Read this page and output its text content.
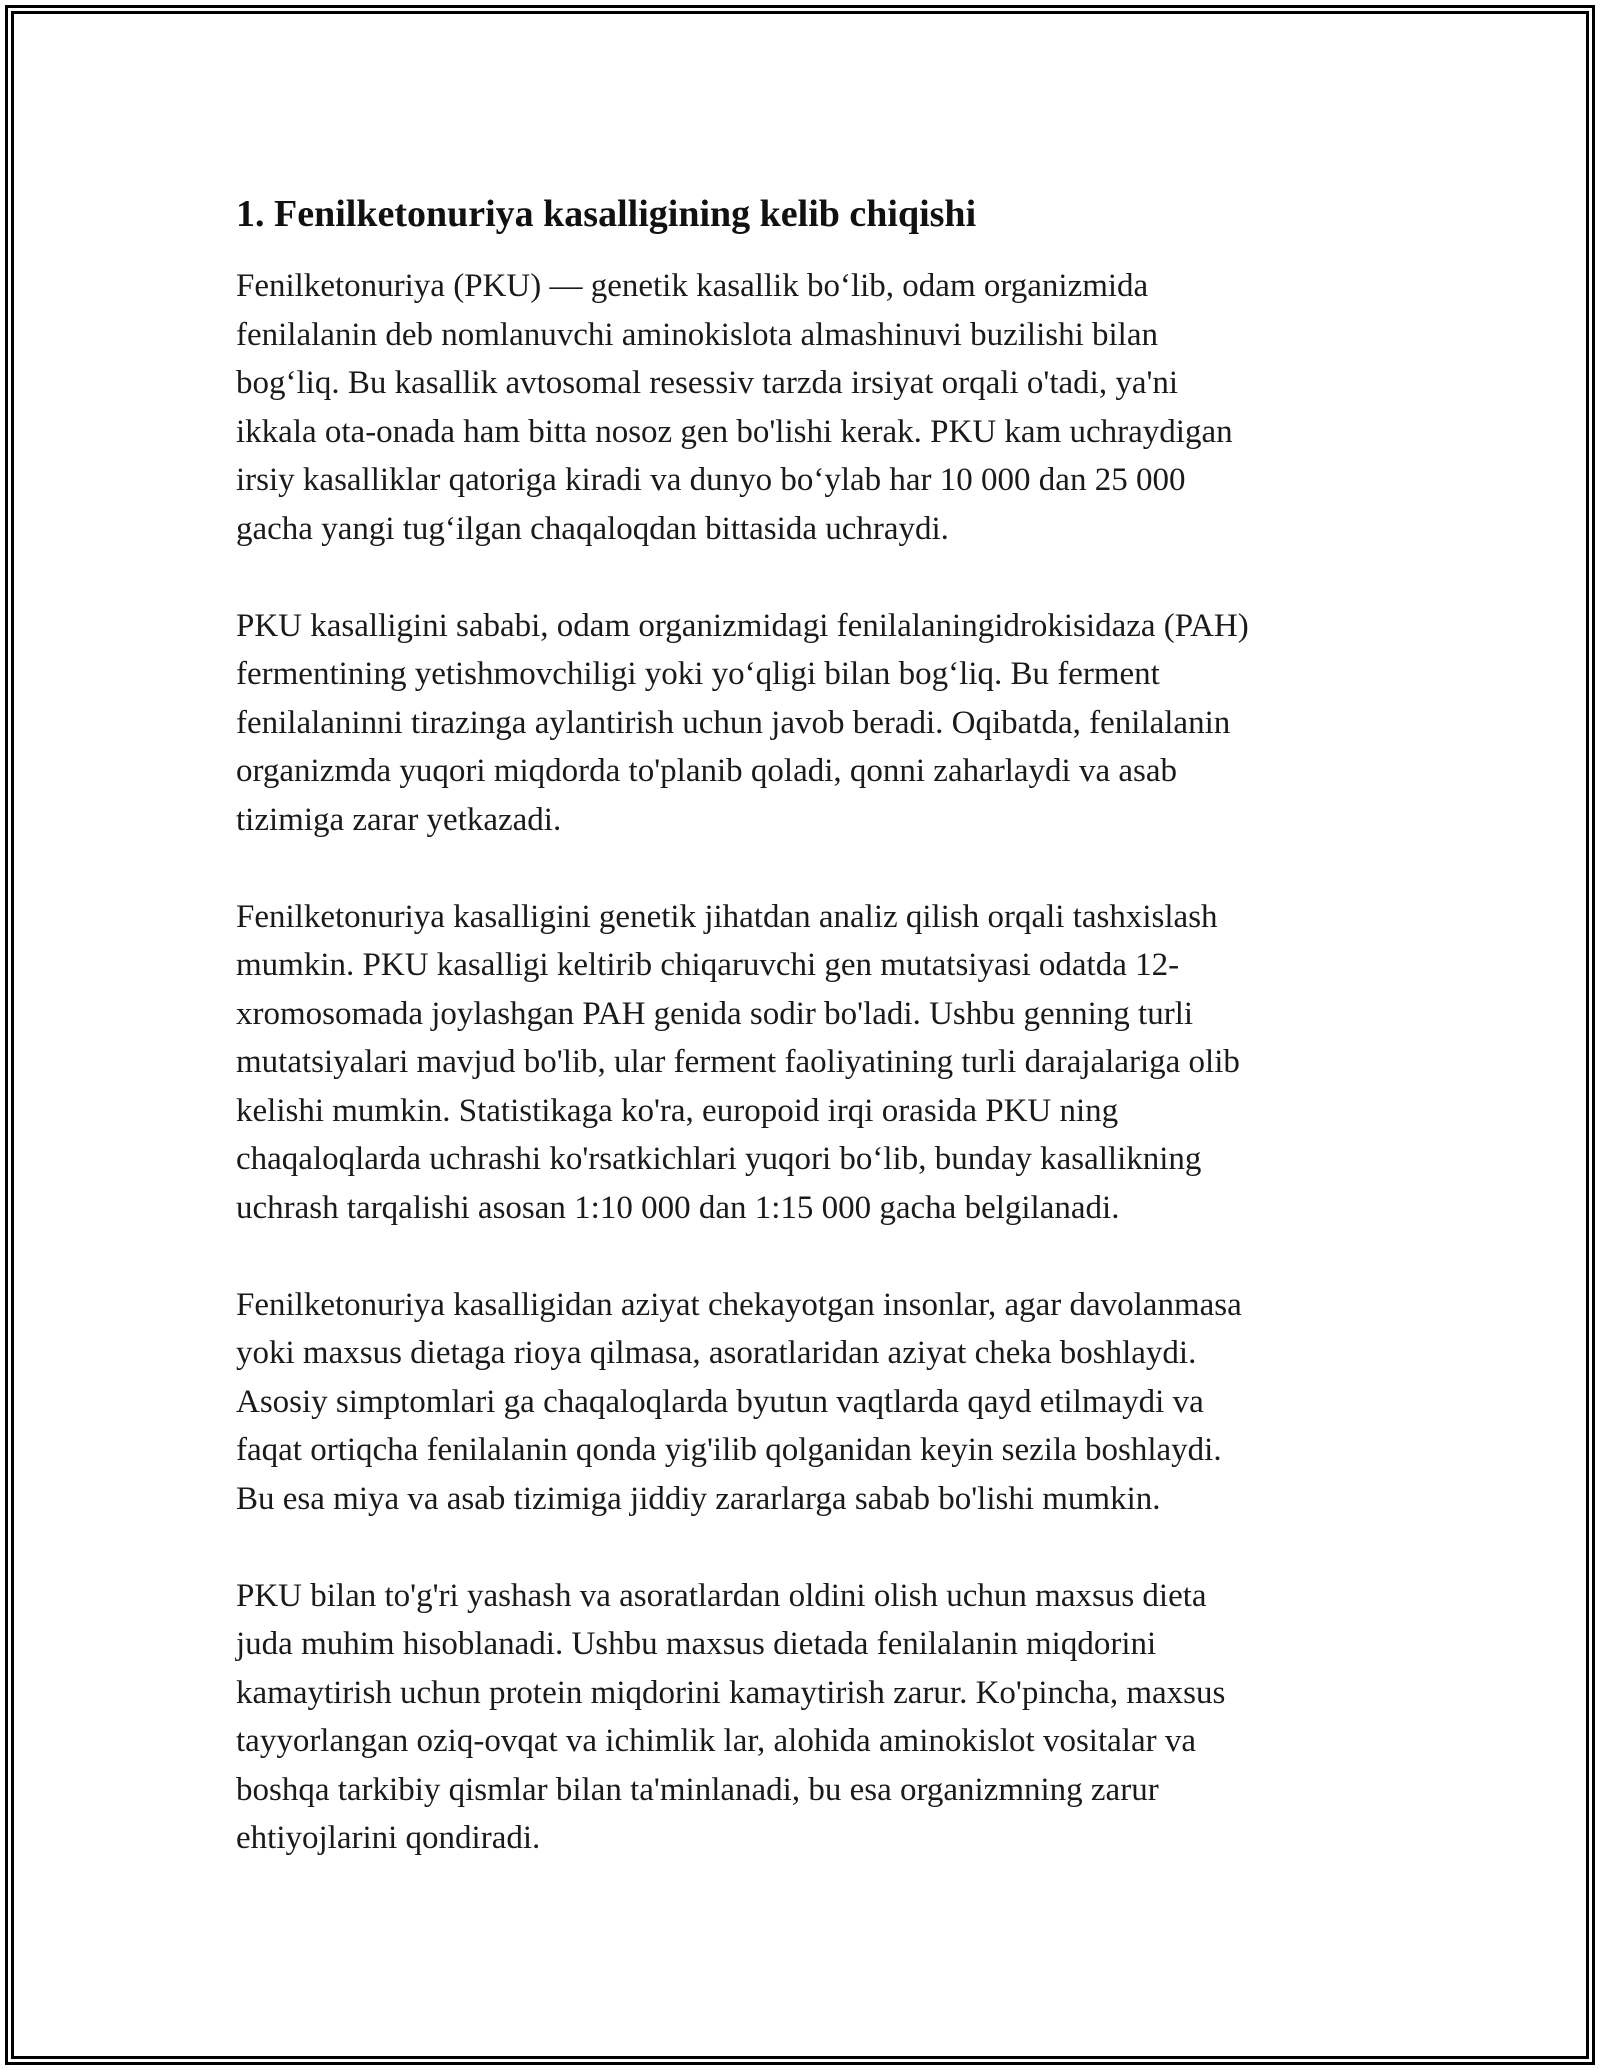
1. Fenilketonuriya kasalligining kelib chiqishi

Fenilketonuriya (PKU) — genetik kasallik bo‘lib, odam organizmida
fenilalanin deb nomlanuvchi aminokislota almashinuvi buzilishi bilan
bog‘liq. Bu kasallik avtosomal resessiv tarzda irsiyat orqali o'tadi, ya'ni
ikkala ota-onada ham bitta nosoz gen bo'lishi kerak. PKU kam uchraydigan
irsiy kasalliklar qatoriga kiradi va dunyo bo‘ylab har 10 000 dan 25 000
gacha yangi tug‘ilgan chaqaloqdan bittasida uchraydi.

PKU kasalligini sababi, odam organizmidagi fenilalaningidrokisidaza (PAH)
fermentining yetishmovchiligi yoki yo‘qligi bilan bog‘liq. Bu ferment
fenilalaninni tirazinga aylantirish uchun javob beradi. Oqibatda, fenilalanin
organizmda yuqori miqdorda to'planib qoladi, qonni zaharlaydi va asab
tizimiga zarar yetkazadi.

Fenilketonuriya kasalligini genetik jihatdan analiz qilish orqali tashxislash
mumkin. PKU kasalligi keltirib chiqaruvchi gen mutatsiyasi odatda 12-
xromosomada joylashgan PAH genida sodir bo'ladi. Ushbu genning turli
mutatsiyalari mavjud bo'lib, ular ferment faoliyatining turli darajalariga olib
kelishi mumkin. Statistikaga ko'ra, europoid irqi orasida PKU ning
chaqaloqlarda uchrashi ko'rsatkichlari yuqori bo‘lib, bunday kasallikning
uchrash tarqalishi asosan 1:10 000 dan 1:15 000 gacha belgilanadi.

Fenilketonuriya kasalligidan aziyat chekayotgan insonlar, agar davolanmasa
yoki maxsus dietaga rioya qilmasa, asoratlaridan aziyat cheka boshlaydi.
Asosiy simptomlari ga chaqaloqlarda byutun vaqtlarda qayd etilmaydi va
faqat ortiqcha fenilalanin qonda yig'ilib qolganidan keyin sezila boshlaydi.
Bu esa miya va asab tizimiga jiddiy zararlarga sabab bo'lishi mumkin.

PKU bilan to'g'ri yashash va asoratlardan oldini olish uchun maxsus dieta
juda muhim hisoblanadi. Ushbu maxsus dietada fenilalanin miqdorini
kamaytirish uchun protein miqdorini kamaytirish zarur. Ko'pincha, maxsus
tayyorlangan oziq-ovqat va ichimlik lar, alohida aminokislot vositalar va
boshqa tarkibiy qismlar bilan ta'minlanadi, bu esa organizmning zarur
ehtiyojlarini qondiradi.
